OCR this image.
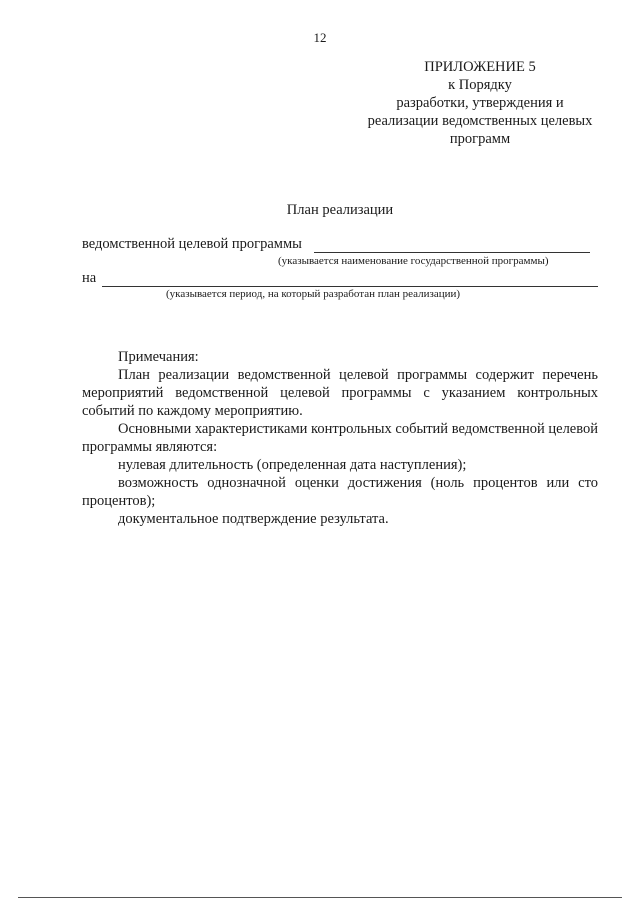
12
ПРИЛОЖЕНИЕ 5
к Порядку
разработки, утверждения и
реализации ведомственных целевых
программ
План реализации
ведомственной целевой программы
(указывается наименование государственной программы)
на
(указывается период, на который разработан план реализации)

Примечания:

План реализации ведомственной целевой программы содержит перечень мероприятий ведомственной целевой программы с указанием контрольных событий по каждому мероприятию.

Основными характеристиками контрольных событий ведомственной целевой программы являются:

нулевая длительность (определенная дата наступления);

возможность однозначной оценки достижения (ноль процентов или сто процентов);

документальное подтверждение результата.
